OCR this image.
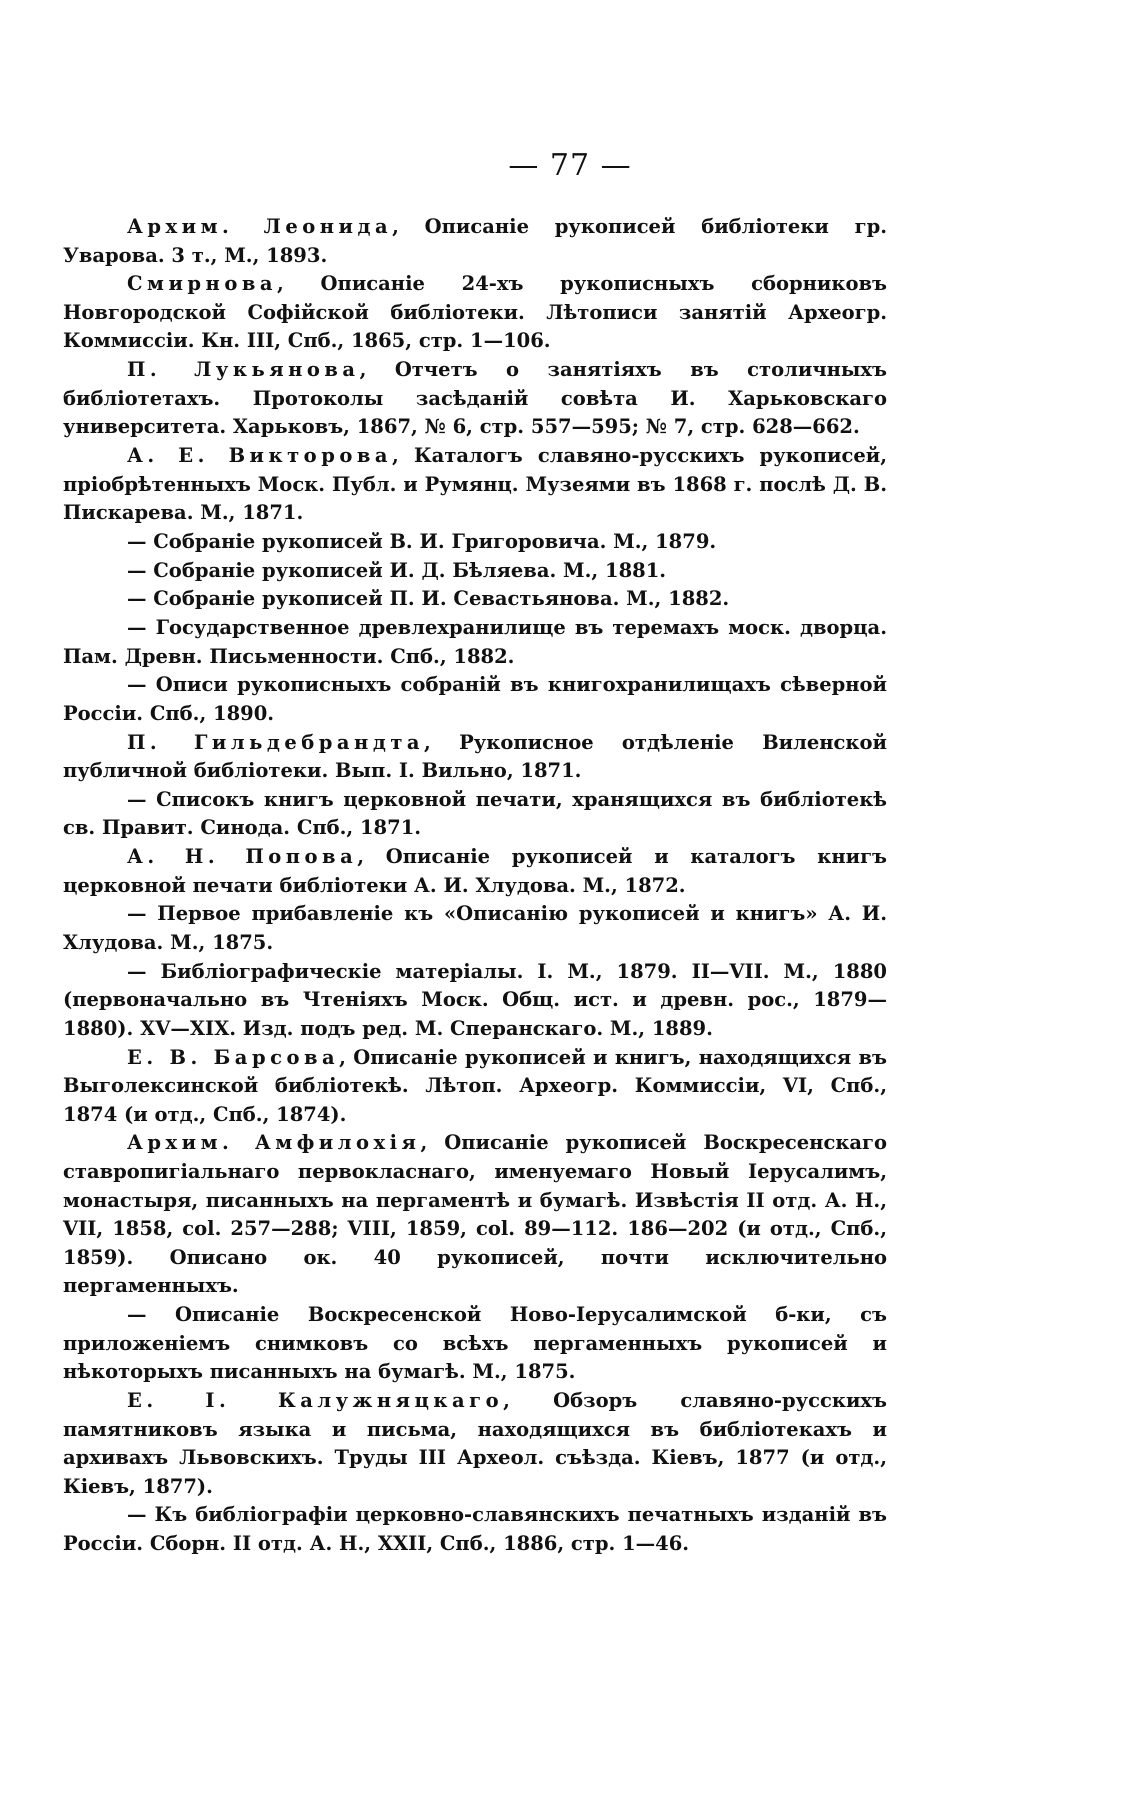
— 77 —

Архим. Леонида, Описаніе рукописей библіотеки гр. Уварова. 3 т., М., 1893.

Смирнова, Описаніе 24-хъ рукописныхъ сборниковъ Новгородской Софійской библіотеки. Лѣтописи занятій Археогр. Коммиссіи. Кн. III, Спб., 1865, стр. 1—106.

П. Лукьянова, Отчетъ о занятіяхъ въ столичныхъ библіотетахъ. Протоколы засѣданій совѣта И. Харьковскаго университета. Харьковъ, 1867, № 6, стр. 557—595; № 7, стр. 628—662.

А. Е. Викторова, Каталогъ славяно-русскихъ рукописей, пріобрѣтенныхъ Моск. Публ. и Румянц. Музеями въ 1868 г. послѣ Д. В. Пискарева. М., 1871.

— Собраніе рукописей В. И. Григоровича. М., 1879.

— Собраніе рукописей И. Д. Бѣляева. М., 1881.

— Собраніе рукописей П. И. Севастьянова. М., 1882.

— Государственное древлехранилище въ теремахъ моск. дворца. Пам. Древн. Письменности. Спб., 1882.

— Описи рукописныхъ собраній въ книгохранилищахъ сѣверной Россіи. Спб., 1890.

П. Гильдебрандта, Рукописное отдѣленіе Виленской публичной библіотеки. Вып. I. Вильно, 1871.

— Списокъ книгъ церковной печати, хранящихся въ библіотекѣ св. Правит. Синода. Спб., 1871.

А. Н. Попова, Описаніе рукописей и каталогъ книгъ церковной печати библіотеки А. И. Хлудова. М., 1872.

— Первое прибавленіе къ «Описанію рукописей и книгъ» А. И. Хлудова. М., 1875.

— Библіографическіе матеріалы. I. М., 1879. II—VII. М., 1880 (первоначально въ Чтеніяхъ Моск. Общ. ист. и древн. рос., 1879—1880). XV—XIX. Изд. подъ ред. М. Сперанскаго. М., 1889.

Е. В. Барсова, Описаніе рукописей и книгъ, находящихся въ Выголексинской библіотекѣ. Лѣтоп. Археогр. Коммиссіи, VI, Спб., 1874 (и отд., Спб., 1874).

Архим. Амфилохія, Описаніе рукописей Воскресенскаго ставропигіальнаго первокласнаго, именуемаго Новый Іерусалимъ, монастыря, писанныхъ на пергаментѣ и бумагѣ. Извѣстія II отд. А. Н., VII, 1858, col. 257—288; VIII, 1859, col. 89—112. 186—202 (и отд., Спб., 1859). Описано ок. 40 рукописей, почти исключительно пергаменныхъ.

— Описаніе Воскресенской Ново-Іерусалимской б-ки, съ приложеніемъ снимковъ со всѣхъ пергаменныхъ рукописей и нѣкоторыхъ писанныхъ на бумагѣ. М., 1875.

Е. I. Калужняцкаго, Обзоръ славяно-русскихъ памятниковъ языка и письма, находящихся въ библіотекахъ и архивахъ Львовскихъ. Труды III Археол. съѣзда. Кіевъ, 1877 (и отд., Кіевъ, 1877).

— Къ библіографіи церковно-славянскихъ печатныхъ изданій въ Россіи. Сборн. II отд. А. Н., XXII, Спб., 1886, стр. 1—46.
